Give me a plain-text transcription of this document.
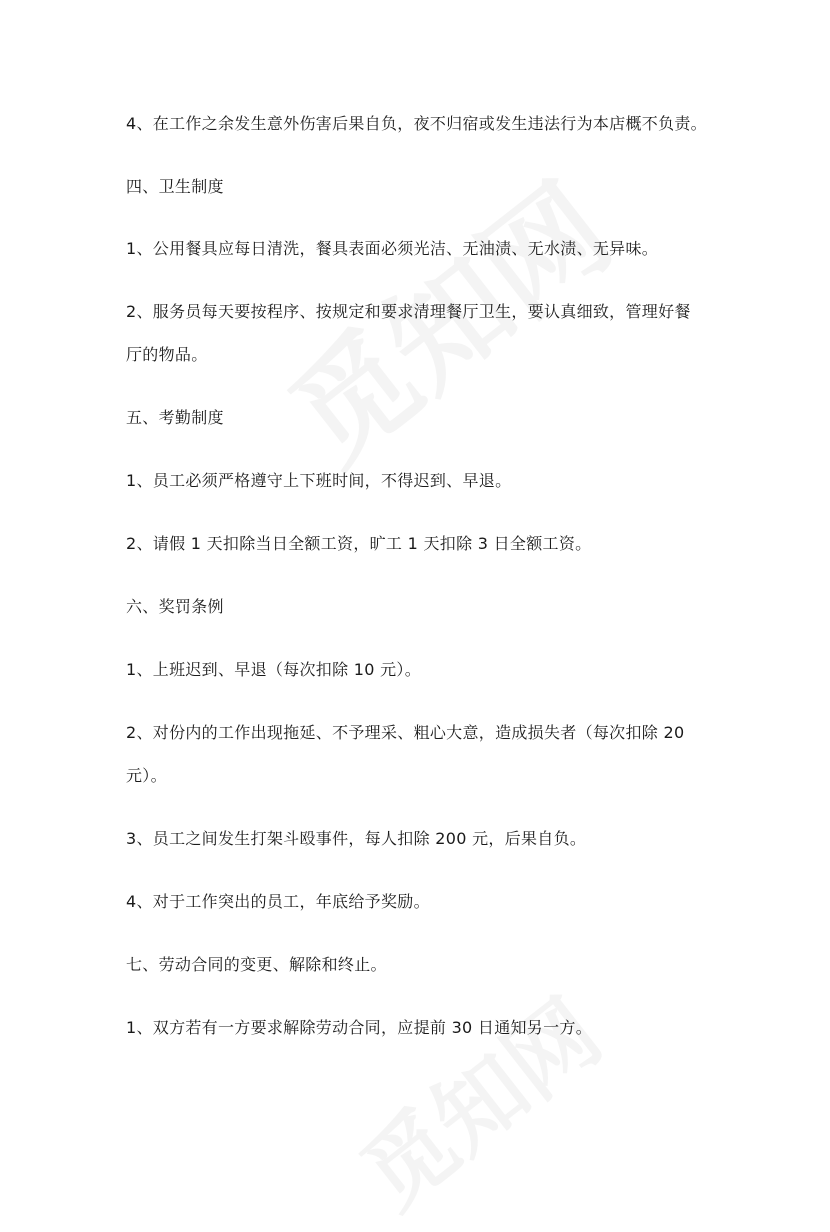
4、在工作之余发生意外伤害后果自负，夜不归宿或发生违法行为本店概不负责。
四、卫生制度
1、公用餐具应每日清洗，餐具表面必须光洁、无油渍、无水渍、无异味。
2、服务员每天要按程序、按规定和要求清理餐厅卫生，要认真细致，管理好餐
厅的物品。
五、考勤制度
1、员工必须严格遵守上下班时间，不得迟到、早退。
2、请假 1 天扣除当日全额工资，旷工 1 天扣除 3 日全额工资。
六、奖罚条例
1、上班迟到、早退（每次扣除 10 元）。
2、对份内的工作出现拖延、不予理采、粗心大意，造成损失者（每次扣除 20
元）。
3、员工之间发生打架斗殴事件，每人扣除 200 元，后果自负。
4、对于工作突出的员工，年底给予奖励。
七、劳动合同的变更、解除和终止。
1、双方若有一方要求解除劳动合同，应提前 30 日通知另一方。
